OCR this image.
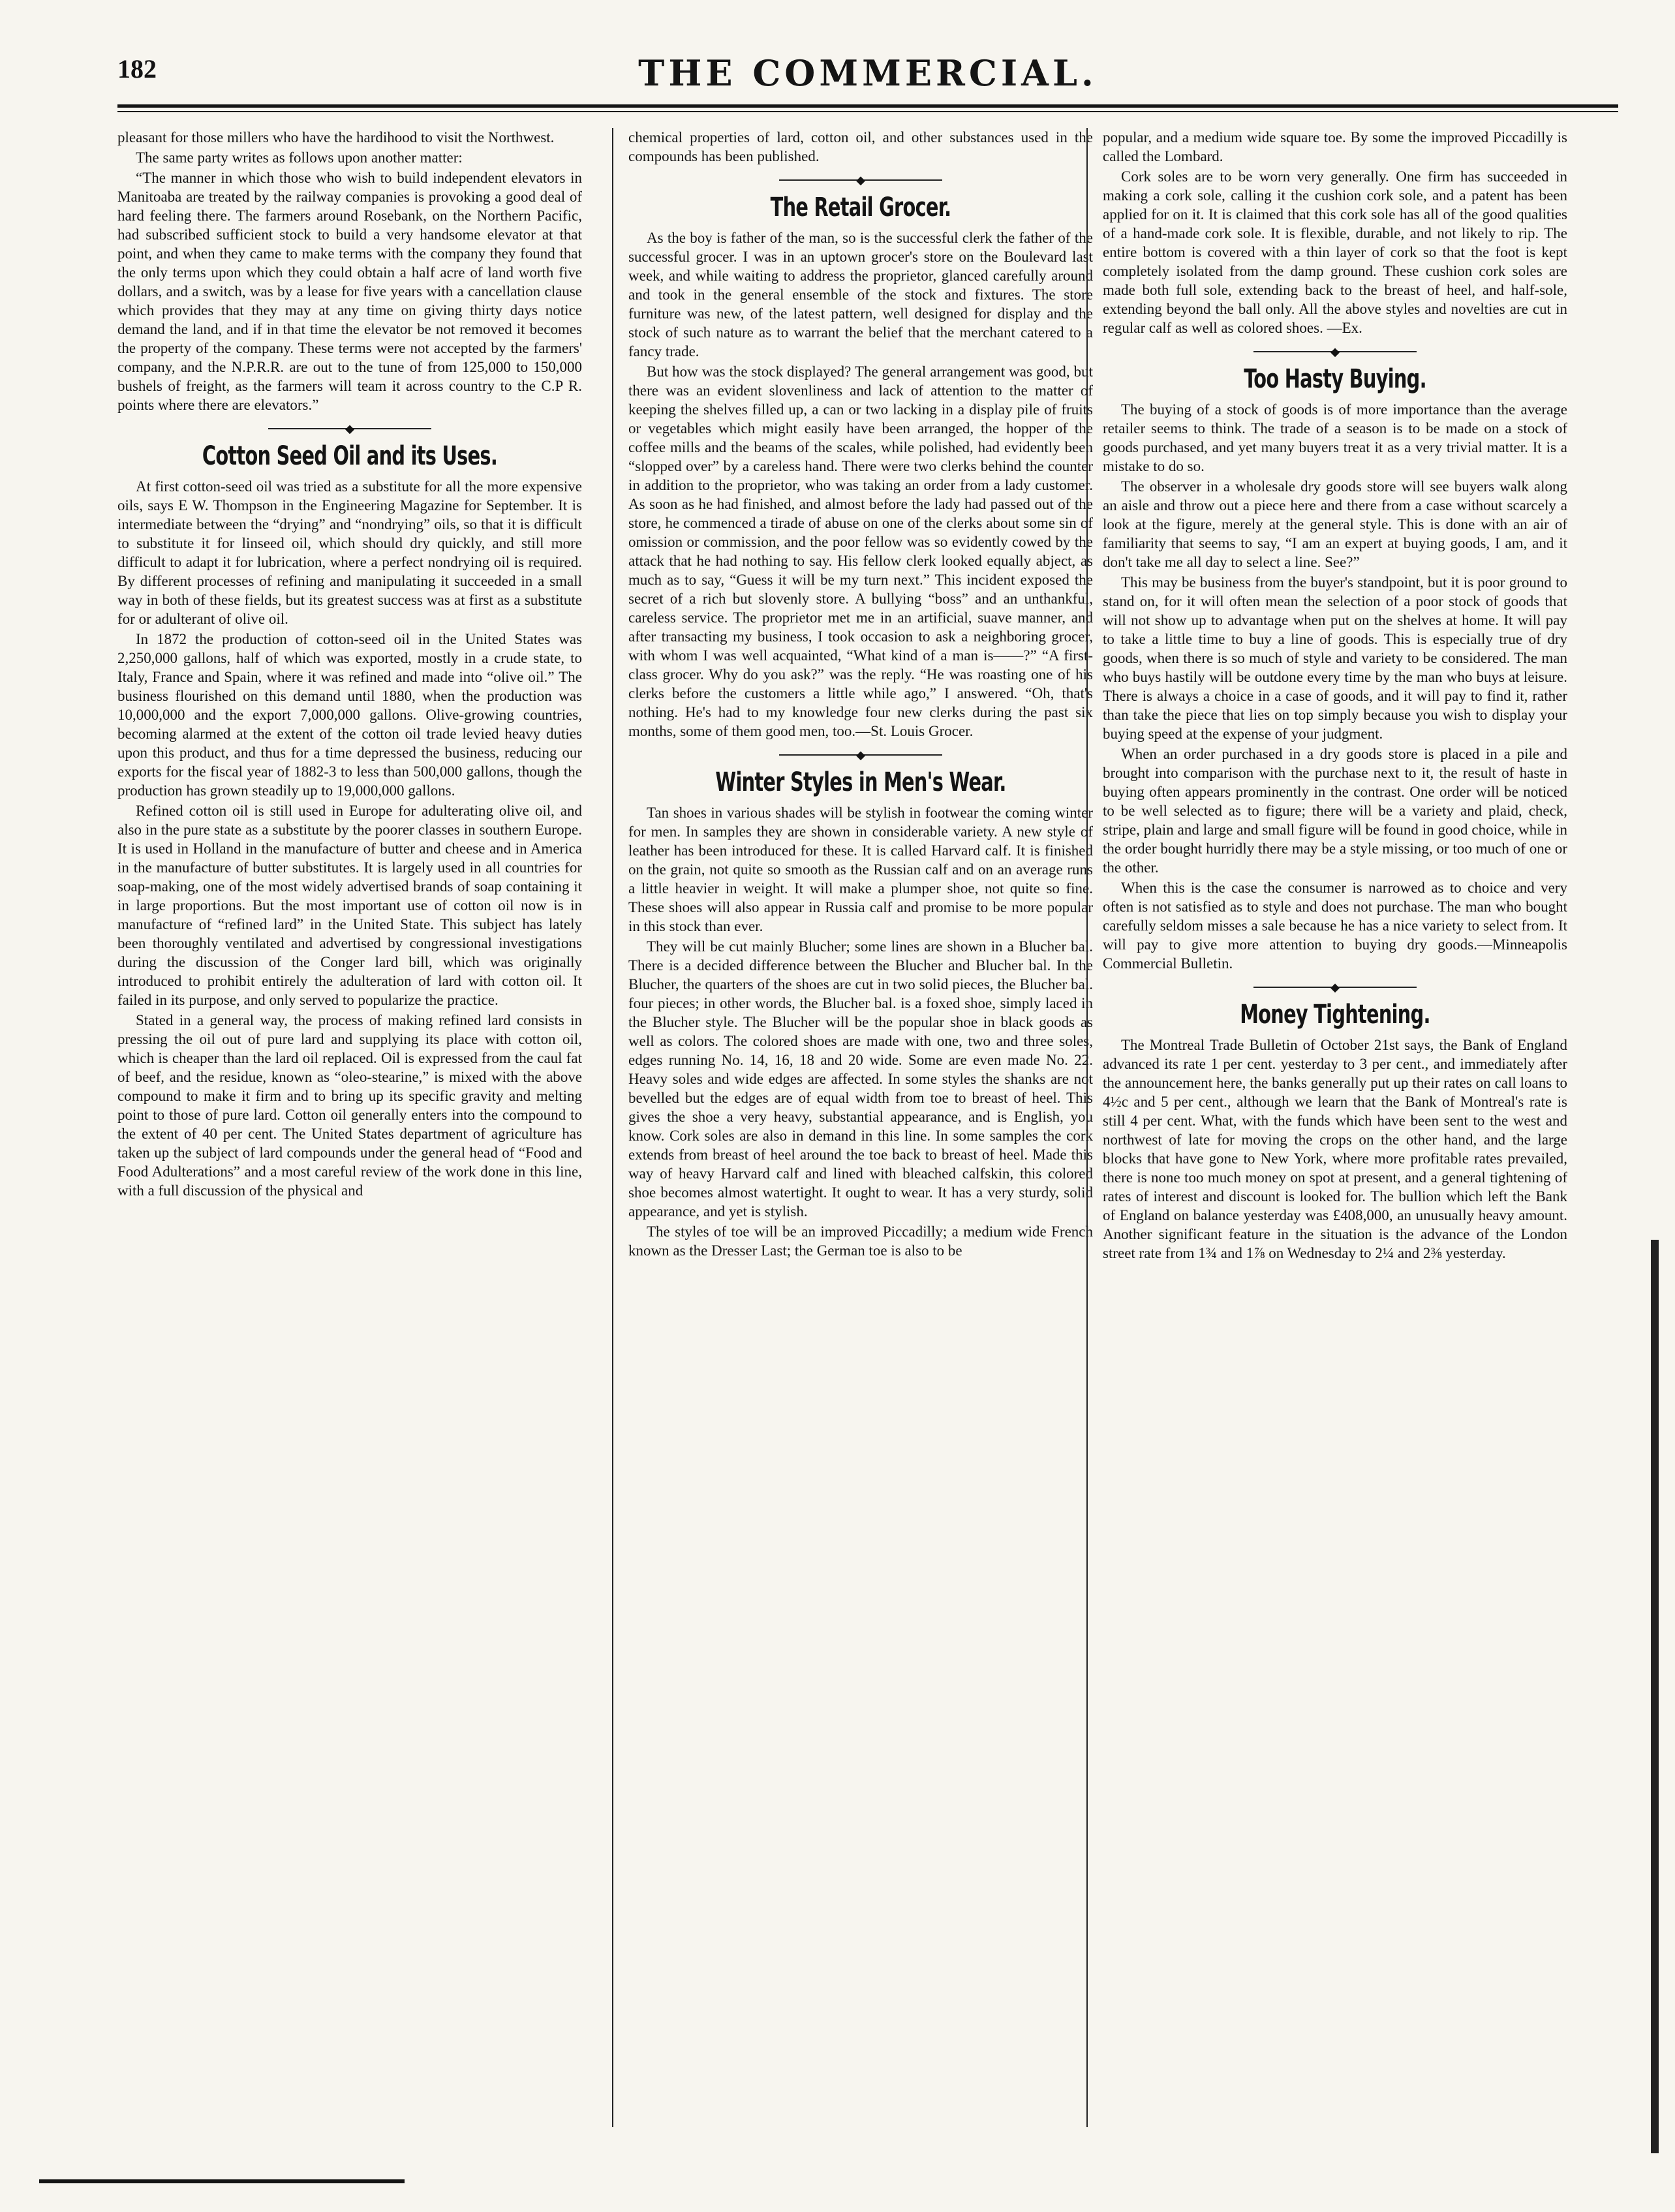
182	THE COMMERCIAL.

pleasant for those millers who have the hardihood to visit the Northwest.

The same party writes as follows upon another matter:

“The manner in which those who wish to build independent elevators in Manitoaba are treated by the railway companies is provoking a good deal of hard feeling there. The farmers around Rosebank, on the Northern Pacific, had subscribed sufficient stock to build a very handsome elevator at that point, and when they came to make terms with the company they found that the only terms upon which they could obtain a half acre of land worth five dollars, and a switch, was by a lease for five years with a cancellation clause which provides that they may at any time on giving thirty days notice demand the land, and if in that time the elevator be not removed it becomes the property of the company. These terms were not accepted by the farmers' company, and the N.P.R.R. are out to the tune of from 125,000 to 150,000 bushels of freight, as the farmers will team it across country to the C.P R. points where there are elevators.”

◆
Cotton Seed Oil and its Uses.

At first cotton-seed oil was tried as a substitute for all the more expensive oils, says E W. Thompson in the Engineering Magazine for September. It is intermediate between the “drying” and “nondrying” oils, so that it is difficult to substitute it for linseed oil, which should dry quickly, and still more difficult to adapt it for lubrication, where a perfect nondrying oil is required. By different processes of refining and manipulating it succeeded in a small way in both of these fields, but its greatest success was at first as a substitute for or adulterant of olive oil.

In 1872 the production of cotton-seed oil in the United States was 2,250,000 gallons, half of which was exported, mostly in a crude state, to Italy, France and Spain, where it was refined and made into “olive oil.” The business flourished on this demand until 1880, when the production was 10,000,000 and the export 7,000,000 gallons. Olive-growing countries, becoming alarmed at the extent of the cotton oil trade levied heavy duties upon this product, and thus for a time depressed the business, reducing our exports for the fiscal year of 1882-3 to less than 500,000 gallons, though the production has grown steadily up to 19,000,000 gallons.

Refined cotton oil is still used in Europe for adulterating olive oil, and also in the pure state as a substitute by the poorer classes in southern Europe. It is used in Holland in the manufacture of butter and cheese and in America in the manufacture of butter substitutes. It is largely used in all countries for soap-making, one of the most widely advertised brands of soap containing it in large proportions. But the most important use of cotton oil now is in manufacture of “refined lard” in the United State. This subject has lately been thoroughly ventilated and advertised by congressional investigations during the discussion of the Conger lard bill, which was originally introduced to prohibit entirely the adulteration of lard with cotton oil. It failed in its purpose, and only served to popularize the practice.

Stated in a general way, the process of making refined lard consists in pressing the oil out of pure lard and supplying its place with cotton oil, which is cheaper than the lard oil replaced. Oil is expressed from the caul fat of beef, and the residue, known as “oleo-stearine,” is mixed with the above compound to make it firm and to bring up its specific gravity and melting point to those of pure lard. Cotton oil generally enters into the compound to the extent of 40 per cent. The United States department of agriculture has taken up the subject of lard compounds under the general head of “Food and Food Adulterations” and a most careful review of the work done in this line, with a full discussion of the physical and

chemical properties of lard, cotton oil, and other substances used in the compounds has been published.

◆
The Retail Grocer.

As the boy is father of the man, so is the successful clerk the father of the successful grocer. I was in an uptown grocer's store on the Boulevard last week, and while waiting to address the proprietor, glanced carefully around and took in the general ensemble of the stock and fixtures. The store furniture was new, of the latest pattern, well designed for display and the stock of such nature as to warrant the belief that the merchant catered to a fancy trade.

But how was the stock displayed? The general arrangement was good, but there was an evident slovenliness and lack of attention to the matter of keeping the shelves filled up, a can or two lacking in a display pile of fruits or vegetables which might easily have been arranged, the hopper of the coffee mills and the beams of the scales, while polished, had evidently been “slopped over” by a careless hand. There were two clerks behind the counter in addition to the proprietor, who was taking an order from a lady customer. As soon as he had finished, and almost before the lady had passed out of the store, he commenced a tirade of abuse on one of the clerks about some sin of omission or commission, and the poor fellow was so evidently cowed by the attack that he had nothing to say. His fellow clerk looked equally abject, as much as to say, “Guess it will be my turn next.” This incident exposed the secret of a rich but slovenly store. A bullying “boss” and an unthankful, careless service. The proprietor met me in an artificial, suave manner, and after transacting my business, I took occasion to ask a neighboring grocer, with whom I was well acquainted, “What kind of a man is——?” “A first-class grocer. Why do you ask?” was the reply. “He was roasting one of his clerks before the customers a little while ago,” I answered. “Oh, that's nothing. He's had to my knowledge four new clerks during the past six months, some of them good men, too.—St. Louis Grocer.

◆
Winter Styles in Men's Wear.

Tan shoes in various shades will be stylish in footwear the coming winter for men. In samples they are shown in considerable variety. A new style of leather has been introduced for these. It is called Harvard calf. It is finished on the grain, not quite so smooth as the Russian calf and on an average runs a little heavier in weight. It will make a plumper shoe, not quite so fine. These shoes will also appear in Russia calf and promise to be more popular in this stock than ever.

They will be cut mainly Blucher; some lines are shown in a Blucher bal. There is a decided difference between the Blucher and Blucher bal. In the Blucher, the quarters of the shoes are cut in two solid pieces, the Blucher bal. four pieces; in other words, the Blucher bal. is a foxed shoe, simply laced in the Blucher style. The Blucher will be the popular shoe in black goods as well as colors. The colored shoes are made with one, two and three soles, edges running No. 14, 16, 18 and 20 wide. Some are even made No. 22. Heavy soles and wide edges are affected. In some styles the shanks are not bevelled but the edges are of equal width from toe to breast of heel. This gives the shoe a very heavy, substantial appearance, and is English, you know. Cork soles are also in demand in this line. In some samples the cork extends from breast of heel around the toe back to breast of heel. Made this way of heavy Harvard calf and lined with bleached calfskin, this colored shoe becomes almost watertight. It ought to wear. It has a very sturdy, solid appearance, and yet is stylish.

The styles of toe will be an improved Piccadilly; a medium wide French known as the Dresser Last; the German toe is also to be

popular, and a medium wide square toe. By some the improved Piccadilly is called the Lombard.

Cork soles are to be worn very generally. One firm has succeeded in making a cork sole, calling it the cushion cork sole, and a patent has been applied for on it. It is claimed that this cork sole has all of the good qualities of a hand-made cork sole. It is flexible, durable, and not likely to rip. The entire bottom is covered with a thin layer of cork so that the foot is kept completely isolated from the damp ground. These cushion cork soles are made both full sole, extending back to the breast of heel, and half-sole, extending beyond the ball only. All the above styles and novelties are cut in regular calf as well as colored shoes. —Ex.

◆
Too Hasty Buying.

The buying of a stock of goods is of more importance than the average retailer seems to think. The trade of a season is to be made on a stock of goods purchased, and yet many buyers treat it as a very trivial matter. It is a mistake to do so.

The observer in a wholesale dry goods store will see buyers walk along an aisle and throw out a piece here and there from a case without scarcely a look at the figure, merely at the general style. This is done with an air of familiarity that seems to say, “I am an expert at buying goods, I am, and it don't take me all day to select a line. See?”

This may be business from the buyer's standpoint, but it is poor ground to stand on, for it will often mean the selection of a poor stock of goods that will not show up to advantage when put on the shelves at home. It will pay to take a little time to buy a line of goods. This is especially true of dry goods, when there is so much of style and variety to be considered. The man who buys hastily will be outdone every time by the man who buys at leisure. There is always a choice in a case of goods, and it will pay to find it, rather than take the piece that lies on top simply because you wish to display your buying speed at the expense of your judgment.

When an order purchased in a dry goods store is placed in a pile and brought into comparison with the purchase next to it, the result of haste in buying often appears prominently in the contrast. One order will be noticed to be well selected as to figure; there will be a variety and plaid, check, stripe, plain and large and small figure will be found in good choice, while in the order bought hurridly there may be a style missing, or too much of one or the other.

When this is the case the consumer is narrowed as to choice and very often is not satisfied as to style and does not purchase. The man who bought carefully seldom misses a sale because he has a nice variety to select from. It will pay to give more attention to buying dry goods.—Minneapolis Commercial Bulletin.

◆
Money Tightening.

The Montreal Trade Bulletin of October 21st says, the Bank of England advanced its rate 1 per cent. yesterday to 3 per cent., and immediately after the announcement here, the banks generally put up their rates on call loans to 4½c and 5 per cent., although we learn that the Bank of Montreal's rate is still 4 per cent. What, with the funds which have been sent to the west and northwest of late for moving the crops on the other hand, and the large blocks that have gone to New York, where more profitable rates prevailed, there is none too much money on spot at present, and a general tightening of rates of interest and discount is looked for. The bullion which left the Bank of England on balance yesterday was £408,000, an unusually heavy amount. Another significant feature in the situation is the advance of the London street rate from 1¾ and 1⅞ on Wednesday to 2¼ and 2⅜ yesterday.
